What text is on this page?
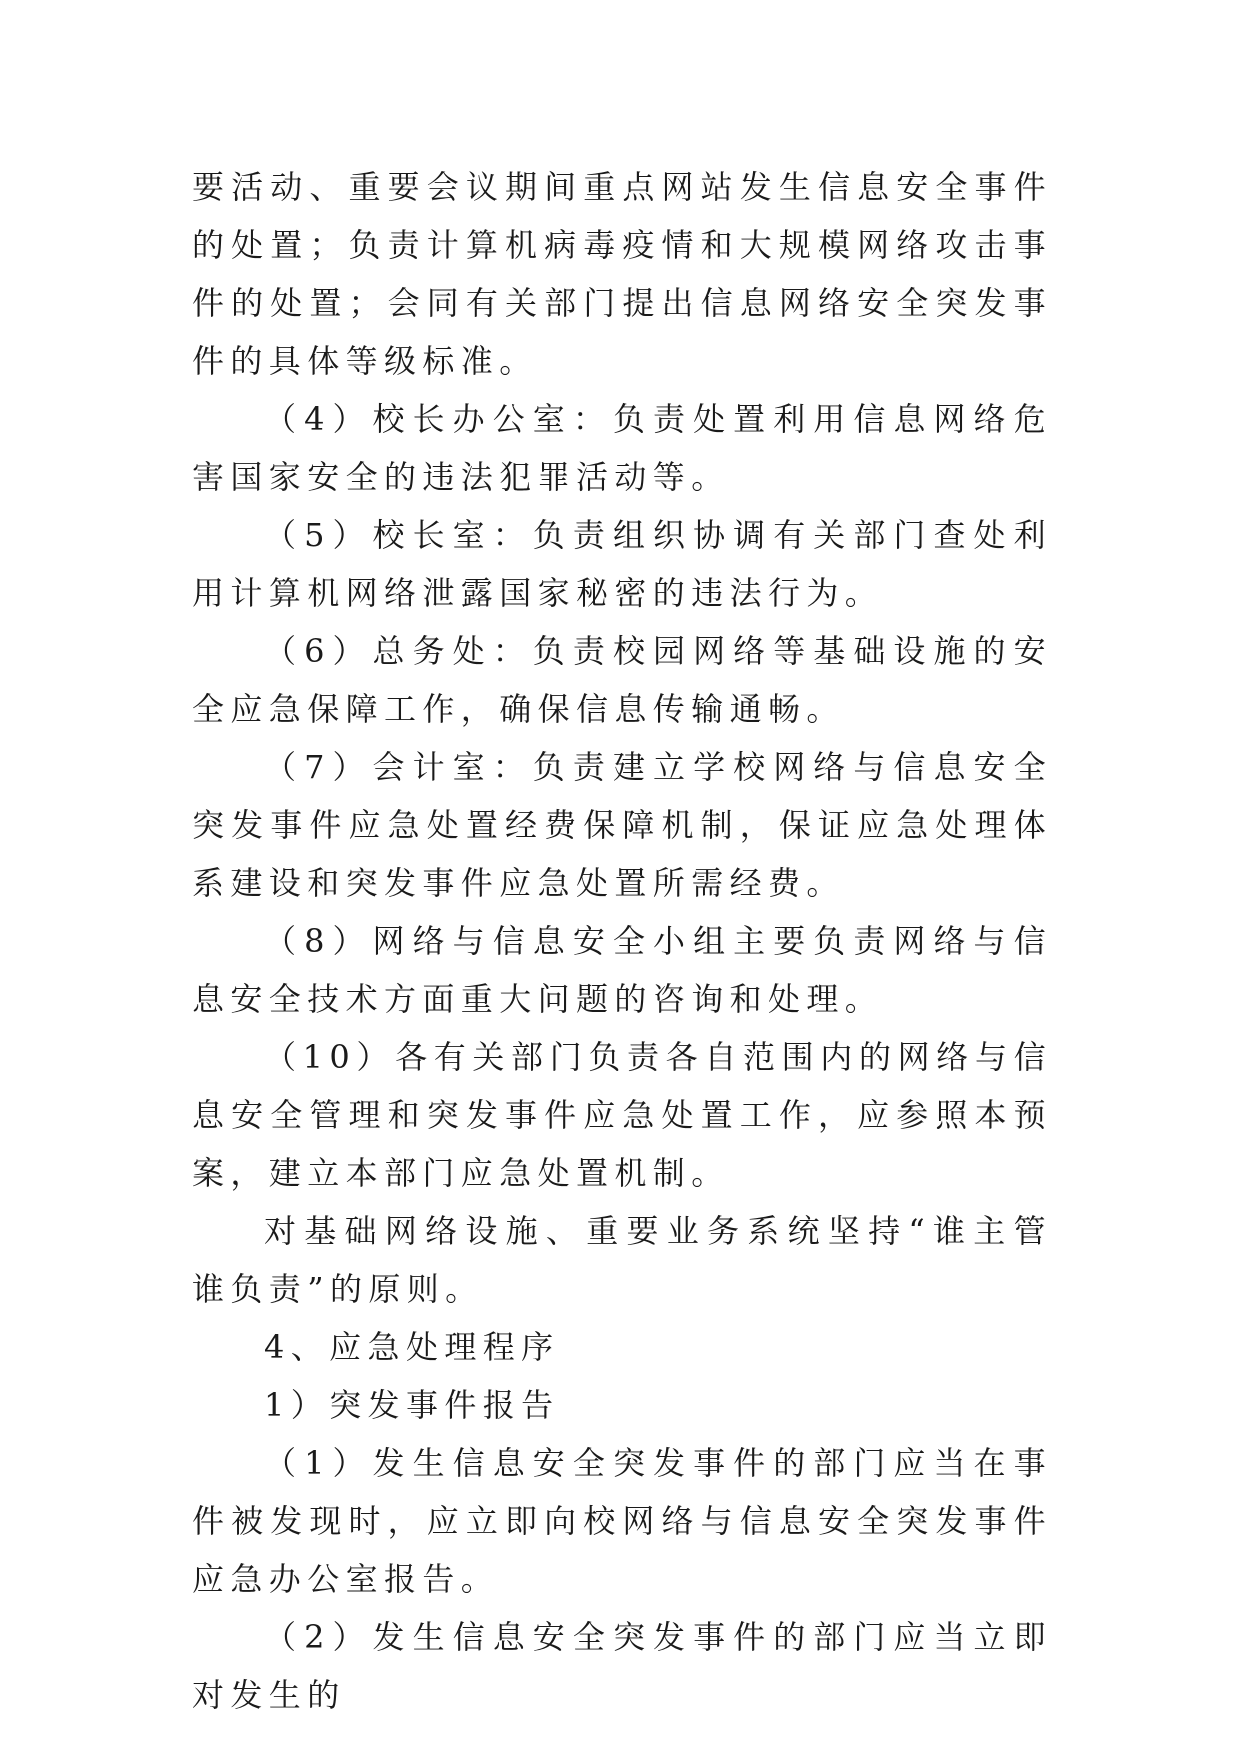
要活动、重要会议期间重点网站发生信息安全事件的处置；负责计算机病毒疫情和大规模网络攻击事件的处置；会同有关部门提出信息网络安全突发事件的具体等级标准。

（4）校长办公室：负责处置利用信息网络危害国家安全的违法犯罪活动等。

（5）校长室：负责组织协调有关部门查处利用计算机网络泄露国家秘密的违法行为。

（6）总务处：负责校园网络等基础设施的安全应急保障工作，确保信息传输通畅。

（7）会计室：负责建立学校网络与信息安全突发事件应急处置经费保障机制，保证应急处理体系建设和突发事件应急处置所需经费。

（8）网络与信息安全小组主要负责网络与信息安全技术方面重大问题的咨询和处理。

（10）各有关部门负责各自范围内的网络与信息安全管理和突发事件应急处置工作，应参照本预案，建立本部门应急处置机制。

对基础网络设施、重要业务系统坚持“谁主管谁负责”的原则。

4、应急处理程序

1）突发事件报告

（1）发生信息安全突发事件的部门应当在事件被发现时，应立即向校网络与信息安全突发事件应急办公室报告。

（2）发生信息安全突发事件的部门应当立即对发生的
